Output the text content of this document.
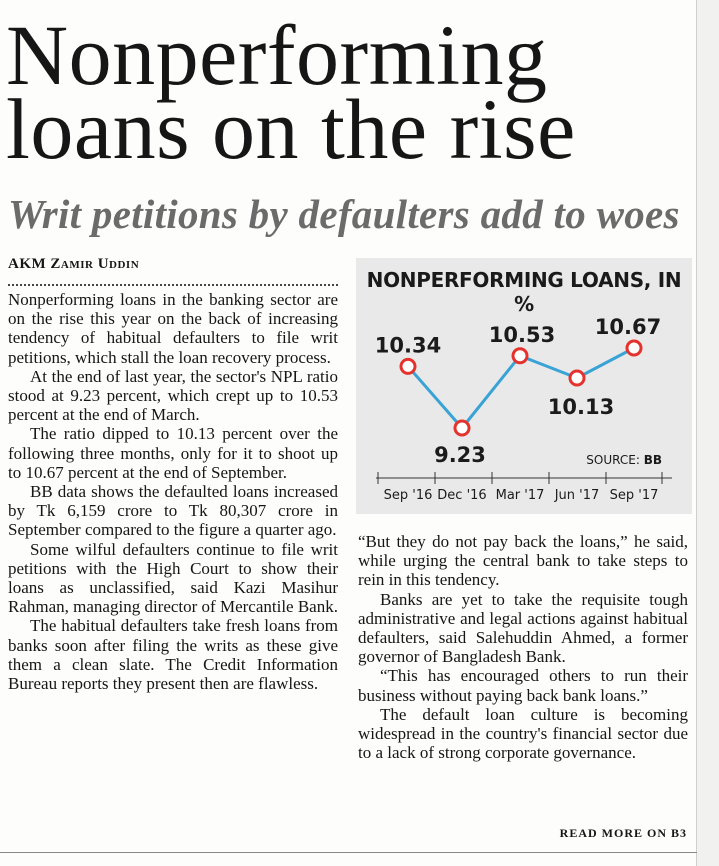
Nonperforming
loans on the rise
Writ petitions by defaulters add to woes
AKM Zamir Uddin

Nonperforming loans in the banking sector are on the rise this year on the back of increasing tendency of habitual defaulters to file writ petitions, which stall the loan recovery process.

At the end of last year, the sector's NPL ratio stood at 9.23 percent, which crept up to 10.53 percent at the end of March.

The ratio dipped to 10.13 percent over the following three months, only for it to shoot up to 10.67 percent at the end of September.

BB data shows the defaulted loans increased by Tk 6,159 crore to Tk 80,307 crore in September compared to the figure a quarter ago.

Some wilful defaulters continue to file writ petitions with the High Court to show their loans as unclassified, said Kazi Masihur Rahman, managing director of Mercantile Bank.

The habitual defaulters take fresh loans from banks soon after filing the writs as these give them a clean slate. The Credit Information Bureau reports they present then are flawless.

NONPERFORMING LOANS, IN %
10.34
9.23
10.53
10.13
10.67
SOURCE: BB
Sep '16 Dec '16 Mar '17 Jun '17 Sep '17

“But they do not pay back the loans,” he said, while urging the central bank to take steps to rein in this tendency.

Banks are yet to take the requisite tough administrative and legal actions against habitual defaulters, said Salehuddin Ahmed, a former governor of Bangladesh Bank.

“This has encouraged others to run their business without paying back bank loans.”

The default loan culture is becoming widespread in the country's financial sector due to a lack of strong corporate governance.

READ MORE ON B3
